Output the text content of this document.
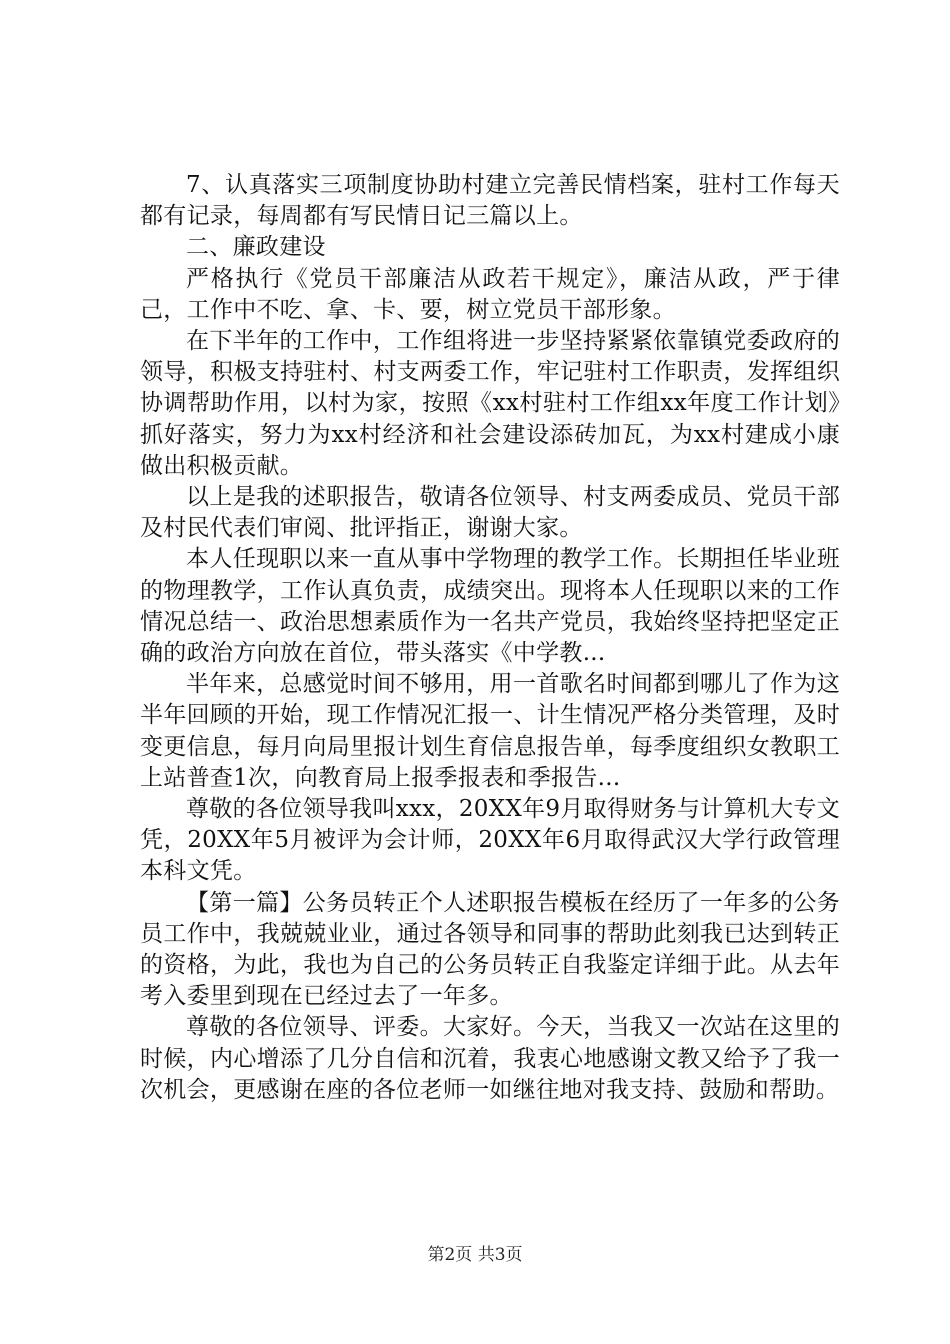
7、认真落实三项制度协助村建立完善民情档案，驻村工作每天都有记录，每周都有写民情日记三篇以上。

二、廉政建设

严格执行《党员干部廉洁从政若干规定》，廉洁从政，严于律己，工作中不吃、拿、卡、要，树立党员干部形象。

在下半年的工作中，工作组将进一步坚持紧紧依靠镇党委政府的领导，积极支持驻村、村支两委工作，牢记驻村工作职责，发挥组织协调帮助作用，以村为家，按照《xx村驻村工作组xx年度工作计划》抓好落实，努力为xx村经济和社会建设添砖加瓦，为xx村建成小康做出积极贡献。

以上是我的述职报告，敬请各位领导、村支两委成员、党员干部及村民代表们审阅、批评指正，谢谢大家。

本人任现职以来一直从事中学物理的教学工作。长期担任毕业班的物理教学，工作认真负责，成绩突出。现将本人任现职以来的工作情况总结一、政治思想素质作为一名共产党员，我始终坚持把坚定正确的政治方向放在首位，带头落实《中学教...

半年来，总感觉时间不够用，用一首歌名时间都到哪儿了作为这半年回顾的开始，现工作情况汇报一、计生情况严格分类管理，及时变更信息，每月向局里报计划生育信息报告单，每季度组织女教职工上站普查1次，向教育局上报季报表和季报告...

尊敬的各位领导我叫xxx，20XX年9月取得财务与计算机大专文凭，20XX年5月被评为会计师，20XX年6月取得武汉大学行政管理本科文凭。

【第一篇】公务员转正个人述职报告模板在经历了一年多的公务员工作中，我兢兢业业，通过各领导和同事的帮助此刻我已达到转正的资格，为此，我也为自己的公务员转正自我鉴定详细于此。从去年考入委里到现在已经过去了一年多。

尊敬的各位领导、评委。大家好。今天，当我又一次站在这里的时候，内心增添了几分自信和沉着，我衷心地感谢文教又给予了我一次机会，更感谢在座的各位老师一如继往地对我支持、鼓励和帮助。

第2页 共3页
